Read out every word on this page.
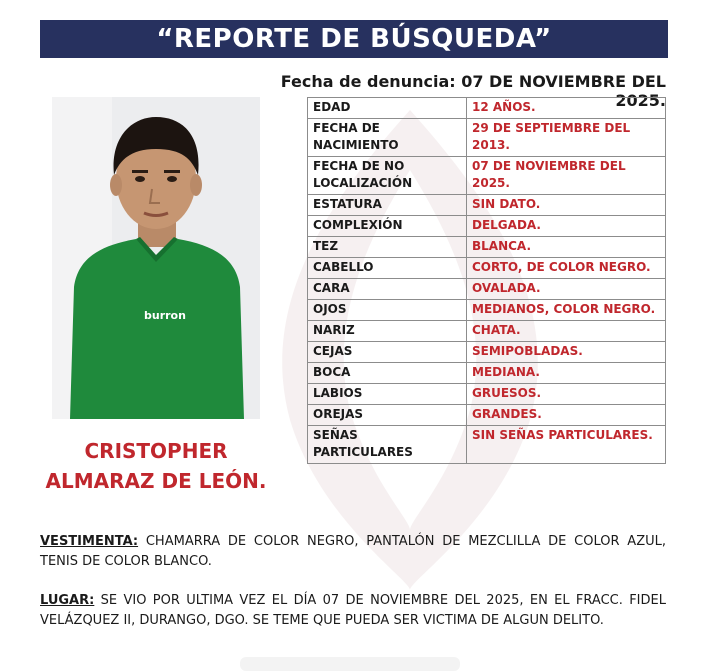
“REPORTE DE BÚSQUEDA”
Fecha de denuncia: 07 DE NOVIEMBRE DEL 2025.
burron
CRISTOPHER
ALMARAZ DE LEÓN.
EDAD	12 AÑOS.
FECHA DE NACIMIENTO	29 DE SEPTIEMBRE DEL 2013.
FECHA DE NO LOCALIZACIÓN	07 DE NOVIEMBRE DEL 2025.
ESTATURA	SIN DATO.
COMPLEXIÓN	DELGADA.
TEZ	BLANCA.
CABELLO	CORTO, DE COLOR NEGRO.
CARA	OVALADA.
OJOS	MEDIANOS, COLOR NEGRO.
NARIZ	CHATA.
CEJAS	SEMIPOBLADAS.
BOCA	MEDIANA.
LABIOS	GRUESOS.
OREJAS	GRANDES.
SEÑAS PARTICULARES	SIN SEÑAS PARTICULARES.
VESTIMENTA: CHAMARRA DE COLOR NEGRO, PANTALÓN DE MEZCLILLA DE COLOR AZUL, TENIS DE COLOR BLANCO.
LUGAR: SE VIO POR ULTIMA VEZ EL DÍA 07 DE NOVIEMBRE DEL 2025, EN EL FRACC. FIDEL VELÁZQUEZ II, DURANGO, DGO. SE TEME QUE PUEDA SER VICTIMA DE ALGUN DELITO.
